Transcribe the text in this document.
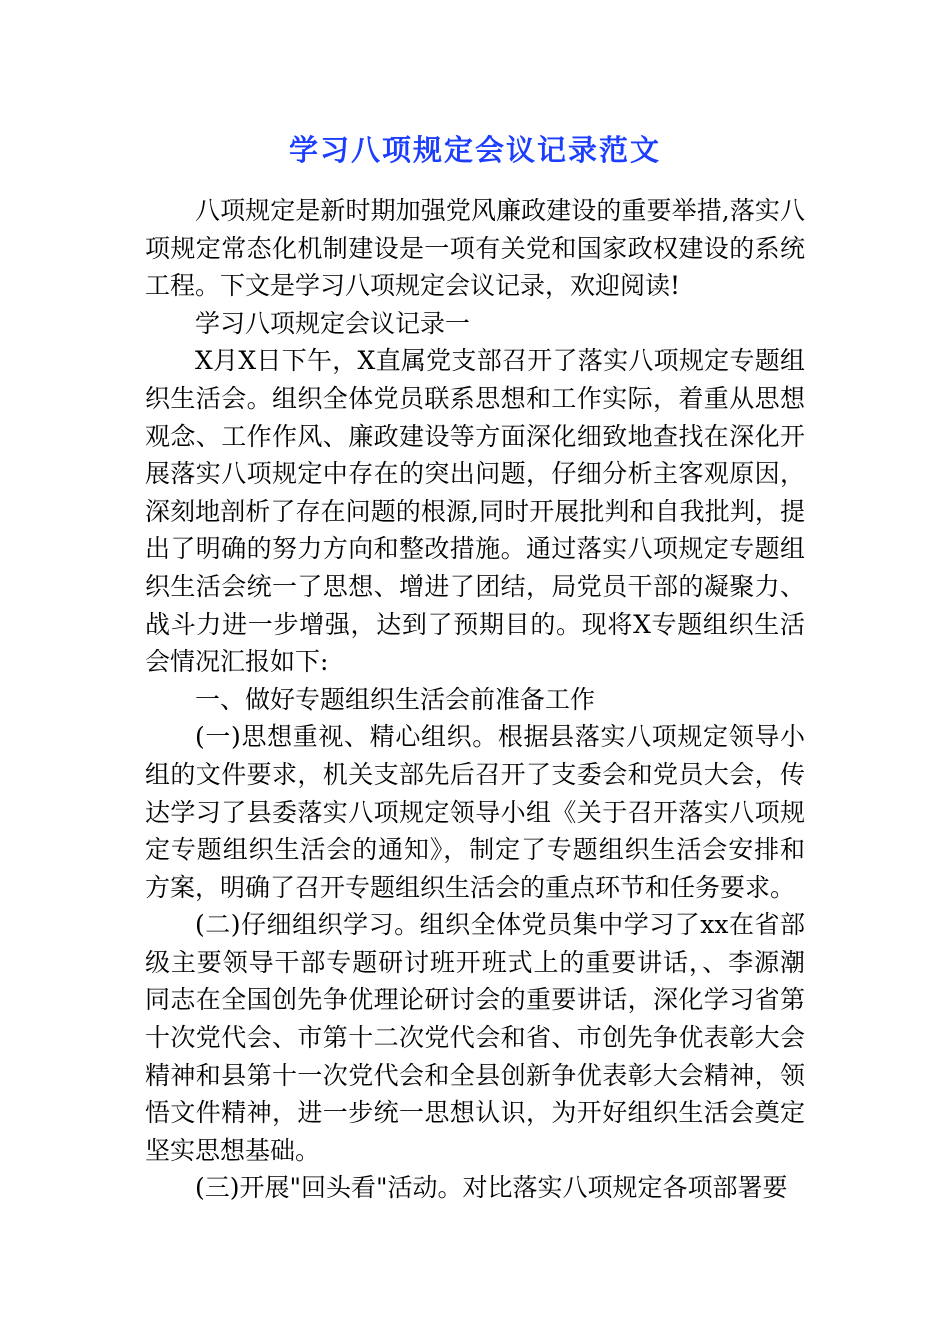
学习八项规定会议记录范文

八项规定是新时期加强党风廉政建设的重要举措,落实八项规定常态化机制建设是一项有关党和国家政权建设的系统工程。下文是学习八项规定会议记录，欢迎阅读!

学习八项规定会议记录一

X月X日下午，X直属党支部召开了落实八项规定专题组织生活会。组织全体党员联系思想和工作实际，着重从思想观念、工作作风、廉政建设等方面深化细致地查找在深化开展落实八项规定中存在的突出问题，仔细分析主客观原因，深刻地剖析了存在问题的根源,同时开展批判和自我批判，提出了明确的努力方向和整改措施。通过落实八项规定专题组织生活会统一了思想、增进了团结，局党员干部的凝聚力、战斗力进一步增强，达到了预期目的。现将X专题组织生活会情况汇报如下:

一、做好专题组织生活会前准备工作

(一)思想重视、精心组织。根据县落实八项规定领导小组的文件要求，机关支部先后召开了支委会和党员大会，传达学习了县委落实八项规定领导小组《关于召开落实八项规定专题组织生活会的通知》，制定了专题组织生活会安排和方案，明确了召开专题组织生活会的重点环节和任务要求。

(二)仔细组织学习。组织全体党员集中学习了xx在省部级主要领导干部专题研讨班开班式上的重要讲话，、李源潮同志在全国创先争优理论研讨会的重要讲话，深化学习省第十次党代会、市第十二次党代会和省、市创先争优表彰大会精神和县第十一次党代会和全县创新争优表彰大会精神，领悟文件精神，进一步统一思想认识，为开好组织生活会奠定坚实思想基础。

(三)开展"回头看"活动。对比落实八项规定各项部署要
